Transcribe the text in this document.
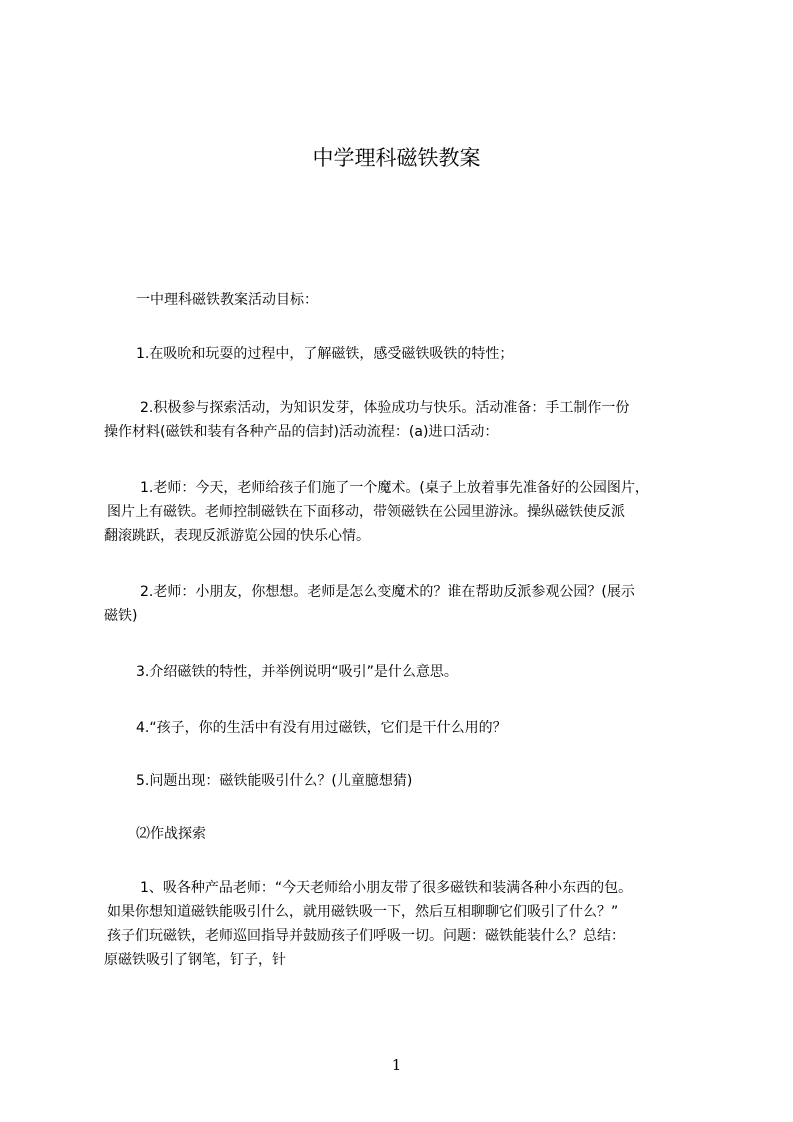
中学理科磁铁教案
一中理科磁铁教案活动目标：
1.在吸吮和玩耍的过程中，了解磁铁，感受磁铁吸铁的特性；
2.积极参与探索活动，为知识发芽，体验成功与快乐。活动准备：手工制作一份
操作材料(磁铁和装有各种产品的信封)活动流程：(a)进口活动：
1.老师：今天，老师给孩子们施了一个魔术。(桌子上放着事先准备好的公园图片，
图片上有磁铁。老师控制磁铁在下面移动，带领磁铁在公园里游泳。操纵磁铁使反派
翻滚跳跃，表现反派游览公园的快乐心情。
2.老师：小朋友，你想想。老师是怎么变魔术的？谁在帮助反派参观公园？(展示
磁铁)
3.介绍磁铁的特性，并举例说明“吸引”是什么意思。
4.“孩子，你的生活中有没有用过磁铁，它们是干什么用的？
5.问题出现：磁铁能吸引什么？(儿童臆想猜)
⑵作战探索
1、吸各种产品老师：“今天老师给小朋友带了很多磁铁和装满各种小东西的包。
如果你想知道磁铁能吸引什么，就用磁铁吸一下，然后互相聊聊它们吸引了什么？”
孩子们玩磁铁，老师巡回指导并鼓励孩子们呼吸一切。问题：磁铁能装什么？总结：
原磁铁吸引了钢笔，钉子，针
1
